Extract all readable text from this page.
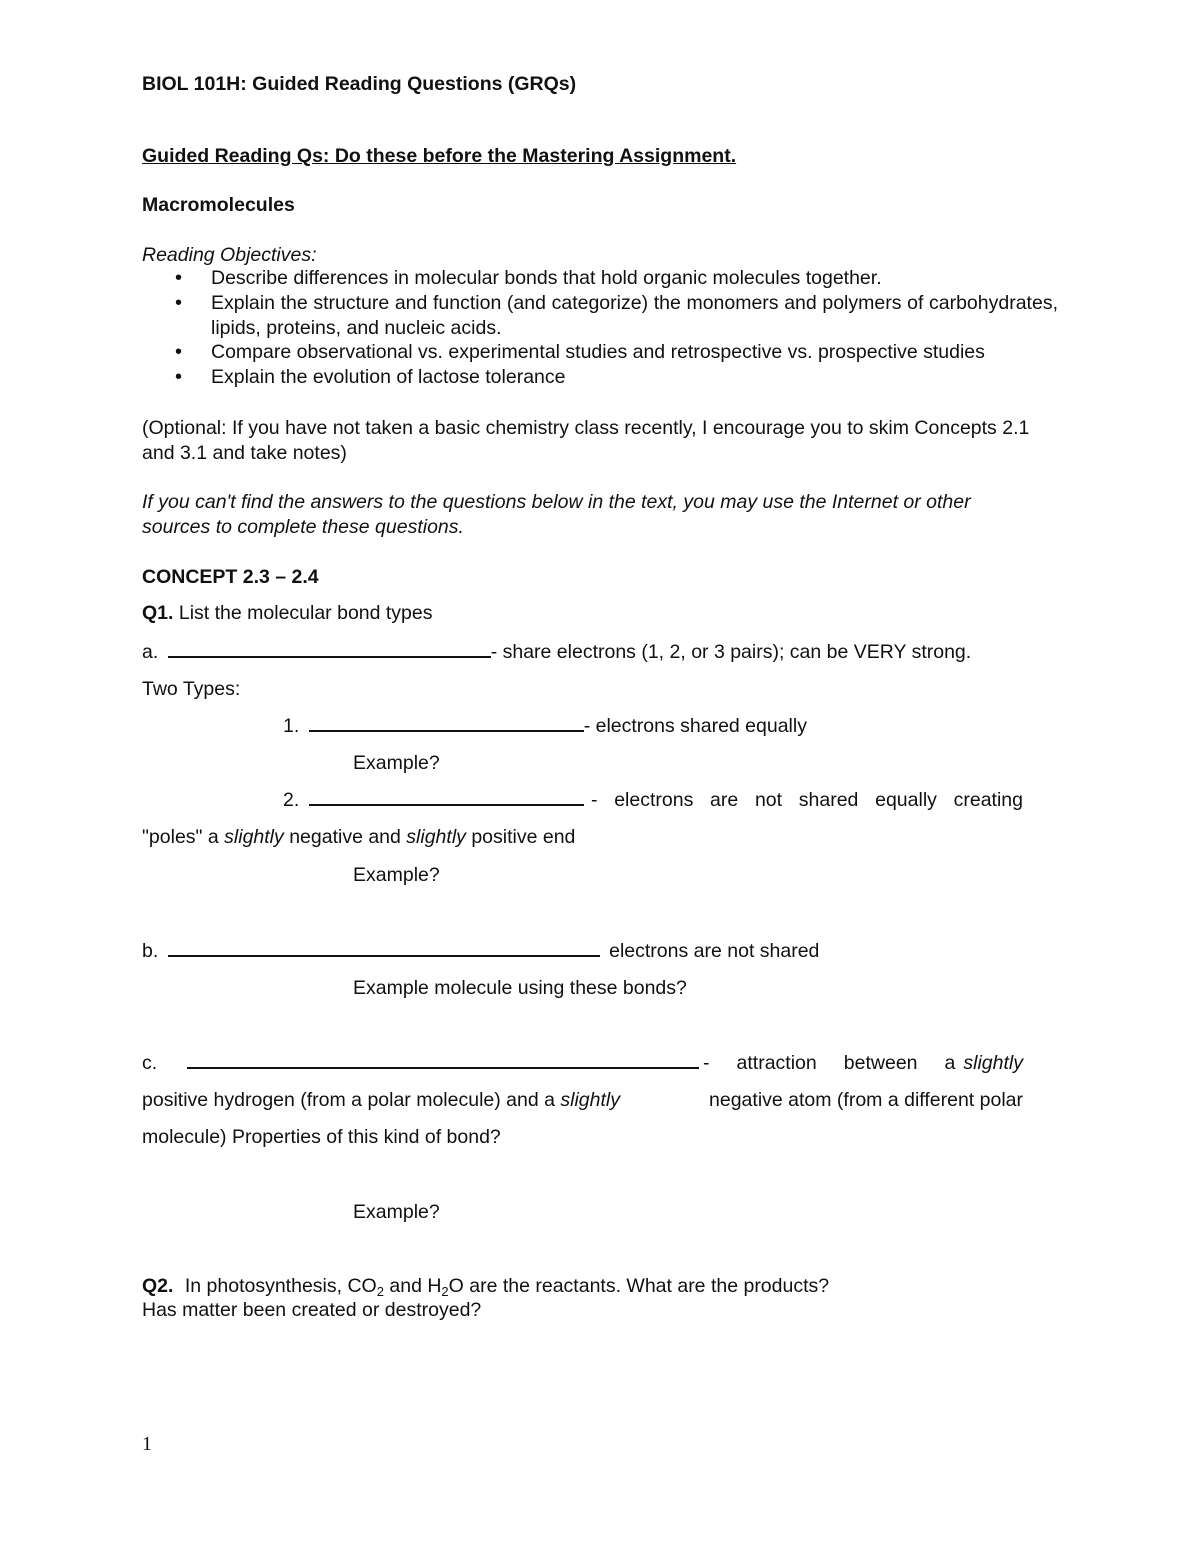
BIOL 101H: Guided Reading Questions (GRQs)
Guided Reading Qs: Do these before the Mastering Assignment.
Macromolecules
Reading Objectives:
• Describe differences in molecular bonds that hold organic molecules together.
• Explain the structure and function (and categorize) the monomers and polymers of carbohydrates, lipids, proteins, and nucleic acids.
• Compare observational vs. experimental studies and retrospective vs. prospective studies
• Explain the evolution of lactose tolerance
(Optional: If you have not taken a basic chemistry class recently, I encourage you to skim Concepts 2.1 and 3.1 and take notes)
If you can't find the answers to the questions below in the text, you may use the Internet or other sources to complete these questions.
CONCEPT 2.3 – 2.4
Q1. List the molecular bond types
a.	- share electrons (1, 2, or 3 pairs); can be VERY strong.
Two Types:
1.	- electrons shared equally
Example?
2.	- electrons are not shared equally creating
"poles" a slightly negative and slightly positive end
Example?
b.	electrons are not shared
Example molecule using these bonds?
c.	- attraction between a slightly
positive hydrogen (from a polar molecule) and a slightly	negative atom (from a different polar
molecule) Properties of this kind of bond?
Example?
Q2. In photosynthesis, $CO_2$ and $H_2O$ are the reactants. What are the products?
Has matter been created or destroyed?
1
